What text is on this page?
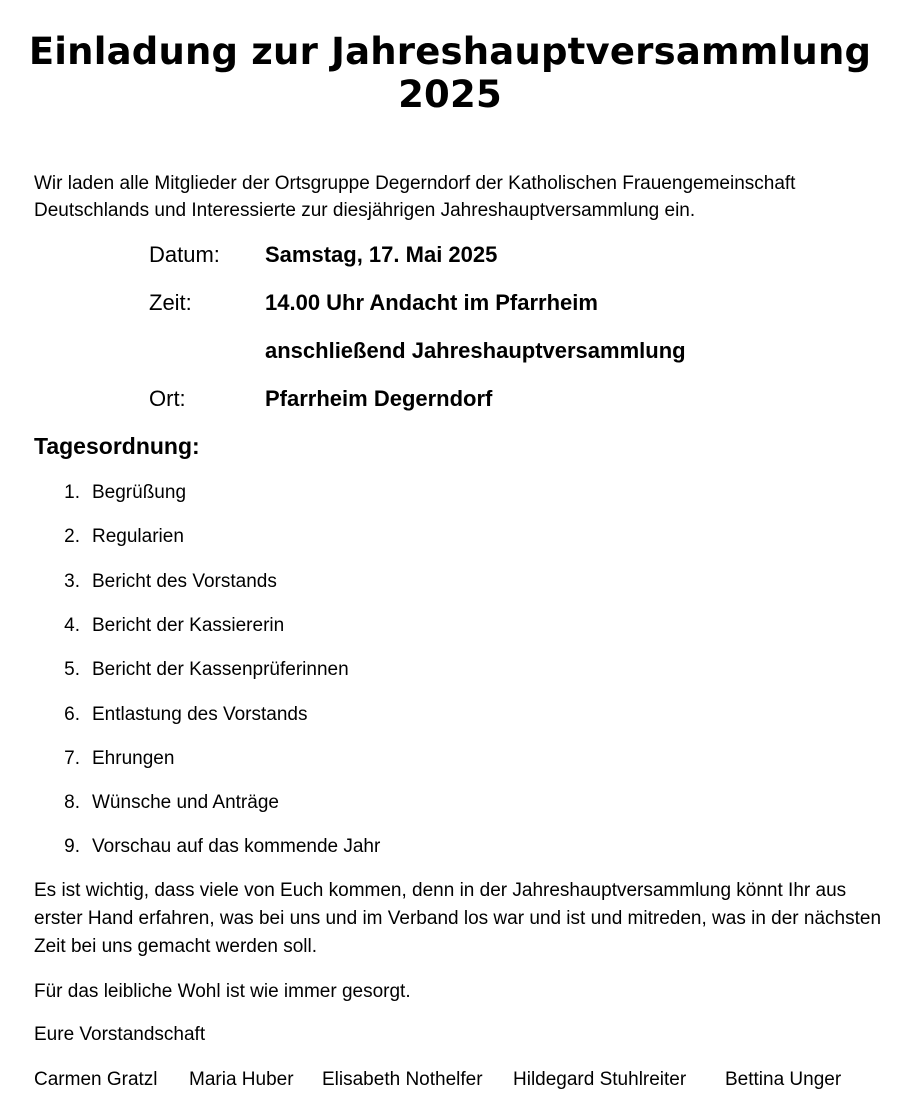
Einladung zur Jahreshauptversammlung 2025

Wir laden alle Mitglieder der Ortsgruppe Degerndorf der Katholischen Frauengemeinschaft Deutschlands und Interessierte zur diesjährigen Jahreshauptversammlung ein.

Datum: Samstag, 17. Mai 2025
Zeit:	14.00 Uhr Andacht im Pfarrheim
anschließend Jahreshauptversammlung
Ort:	Pfarrheim Degerndorf
Tagesordnung:
1. Begrüßung
2. Regularien
3. Bericht des Vorstands
4. Bericht der Kassiererin
5. Bericht der Kassenprüferinnen
6. Entlastung des Vorstands
7. Ehrungen
8. Wünsche und Anträge
9. Vorschau auf das kommende Jahr

Es ist wichtig, dass viele von Euch kommen, denn in der Jahreshauptversammlung könnt Ihr aus erster Hand erfahren, was bei uns und im Verband los war und ist und mitreden, was in der nächsten Zeit bei uns gemacht werden soll.

Für das leibliche Wohl ist wie immer gesorgt.

Eure Vorstandschaft

Carmen Gratzl Maria Huber Elisabeth Nothelfer Hildegard Stuhlreiter Bettina Unger
